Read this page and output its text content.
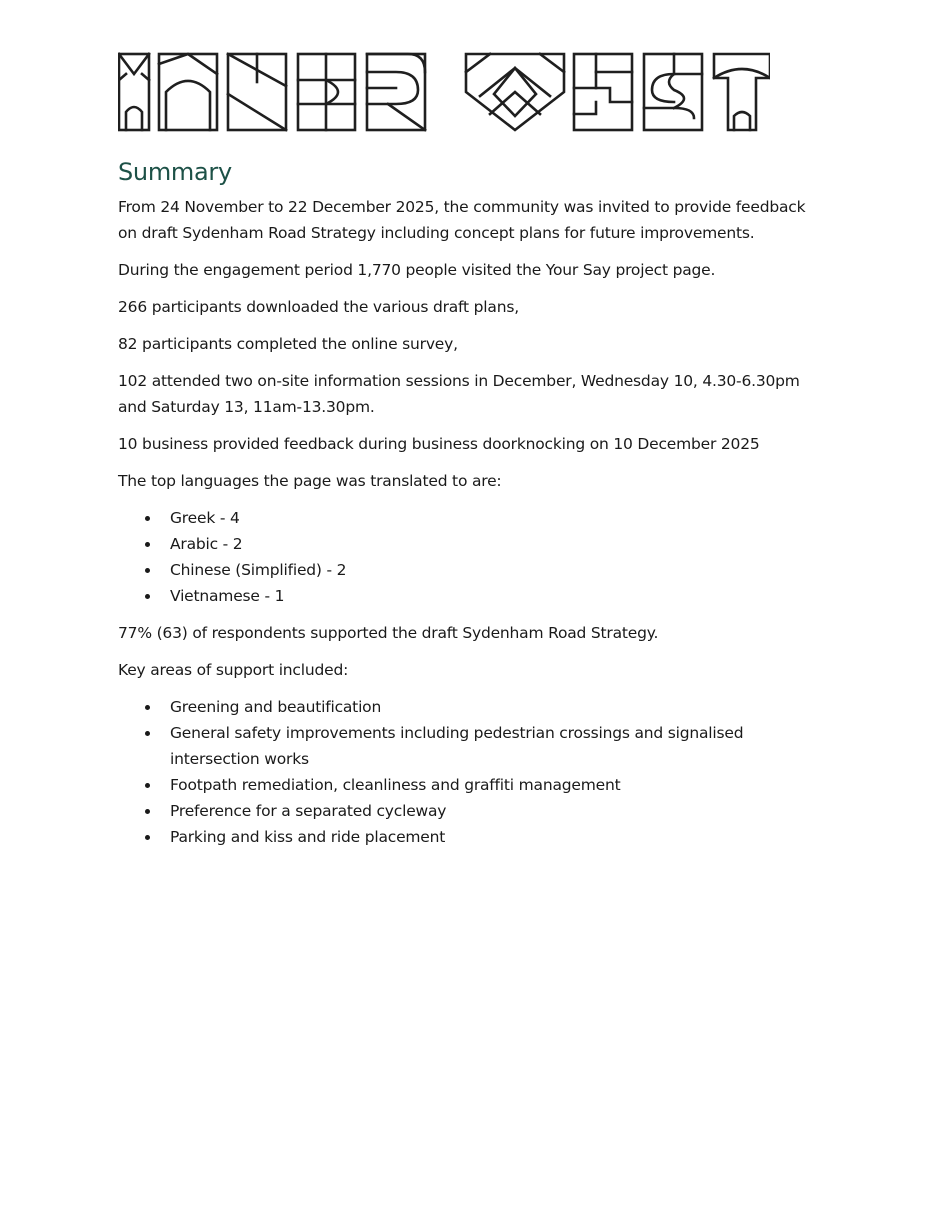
Summary

From 24 November to 22 December 2025, the community was invited to provide feedback on draft Sydenham Road Strategy including concept plans for future improvements.

During the engagement period 1,770 people visited the Your Say project page.

266 participants downloaded the various draft plans,

82 participants completed the online survey,

102 attended two on-site information sessions in December, Wednesday 10, 4.30-6.30pm and Saturday 13, 11am-13.30pm.

10 business provided feedback during business doorknocking on 10 December 2025

The top languages the page was translated to are:

Greek - 4
Arabic - 2
Chinese (Simplified) - 2
Vietnamese - 1

77% (63) of respondents supported the draft Sydenham Road Strategy.

Key areas of support included:

Greening and beautification
General safety improvements including pedestrian crossings and signalised intersection works
Footpath remediation, cleanliness and graffiti management
Preference for a separated cycleway
Parking and kiss and ride placement
